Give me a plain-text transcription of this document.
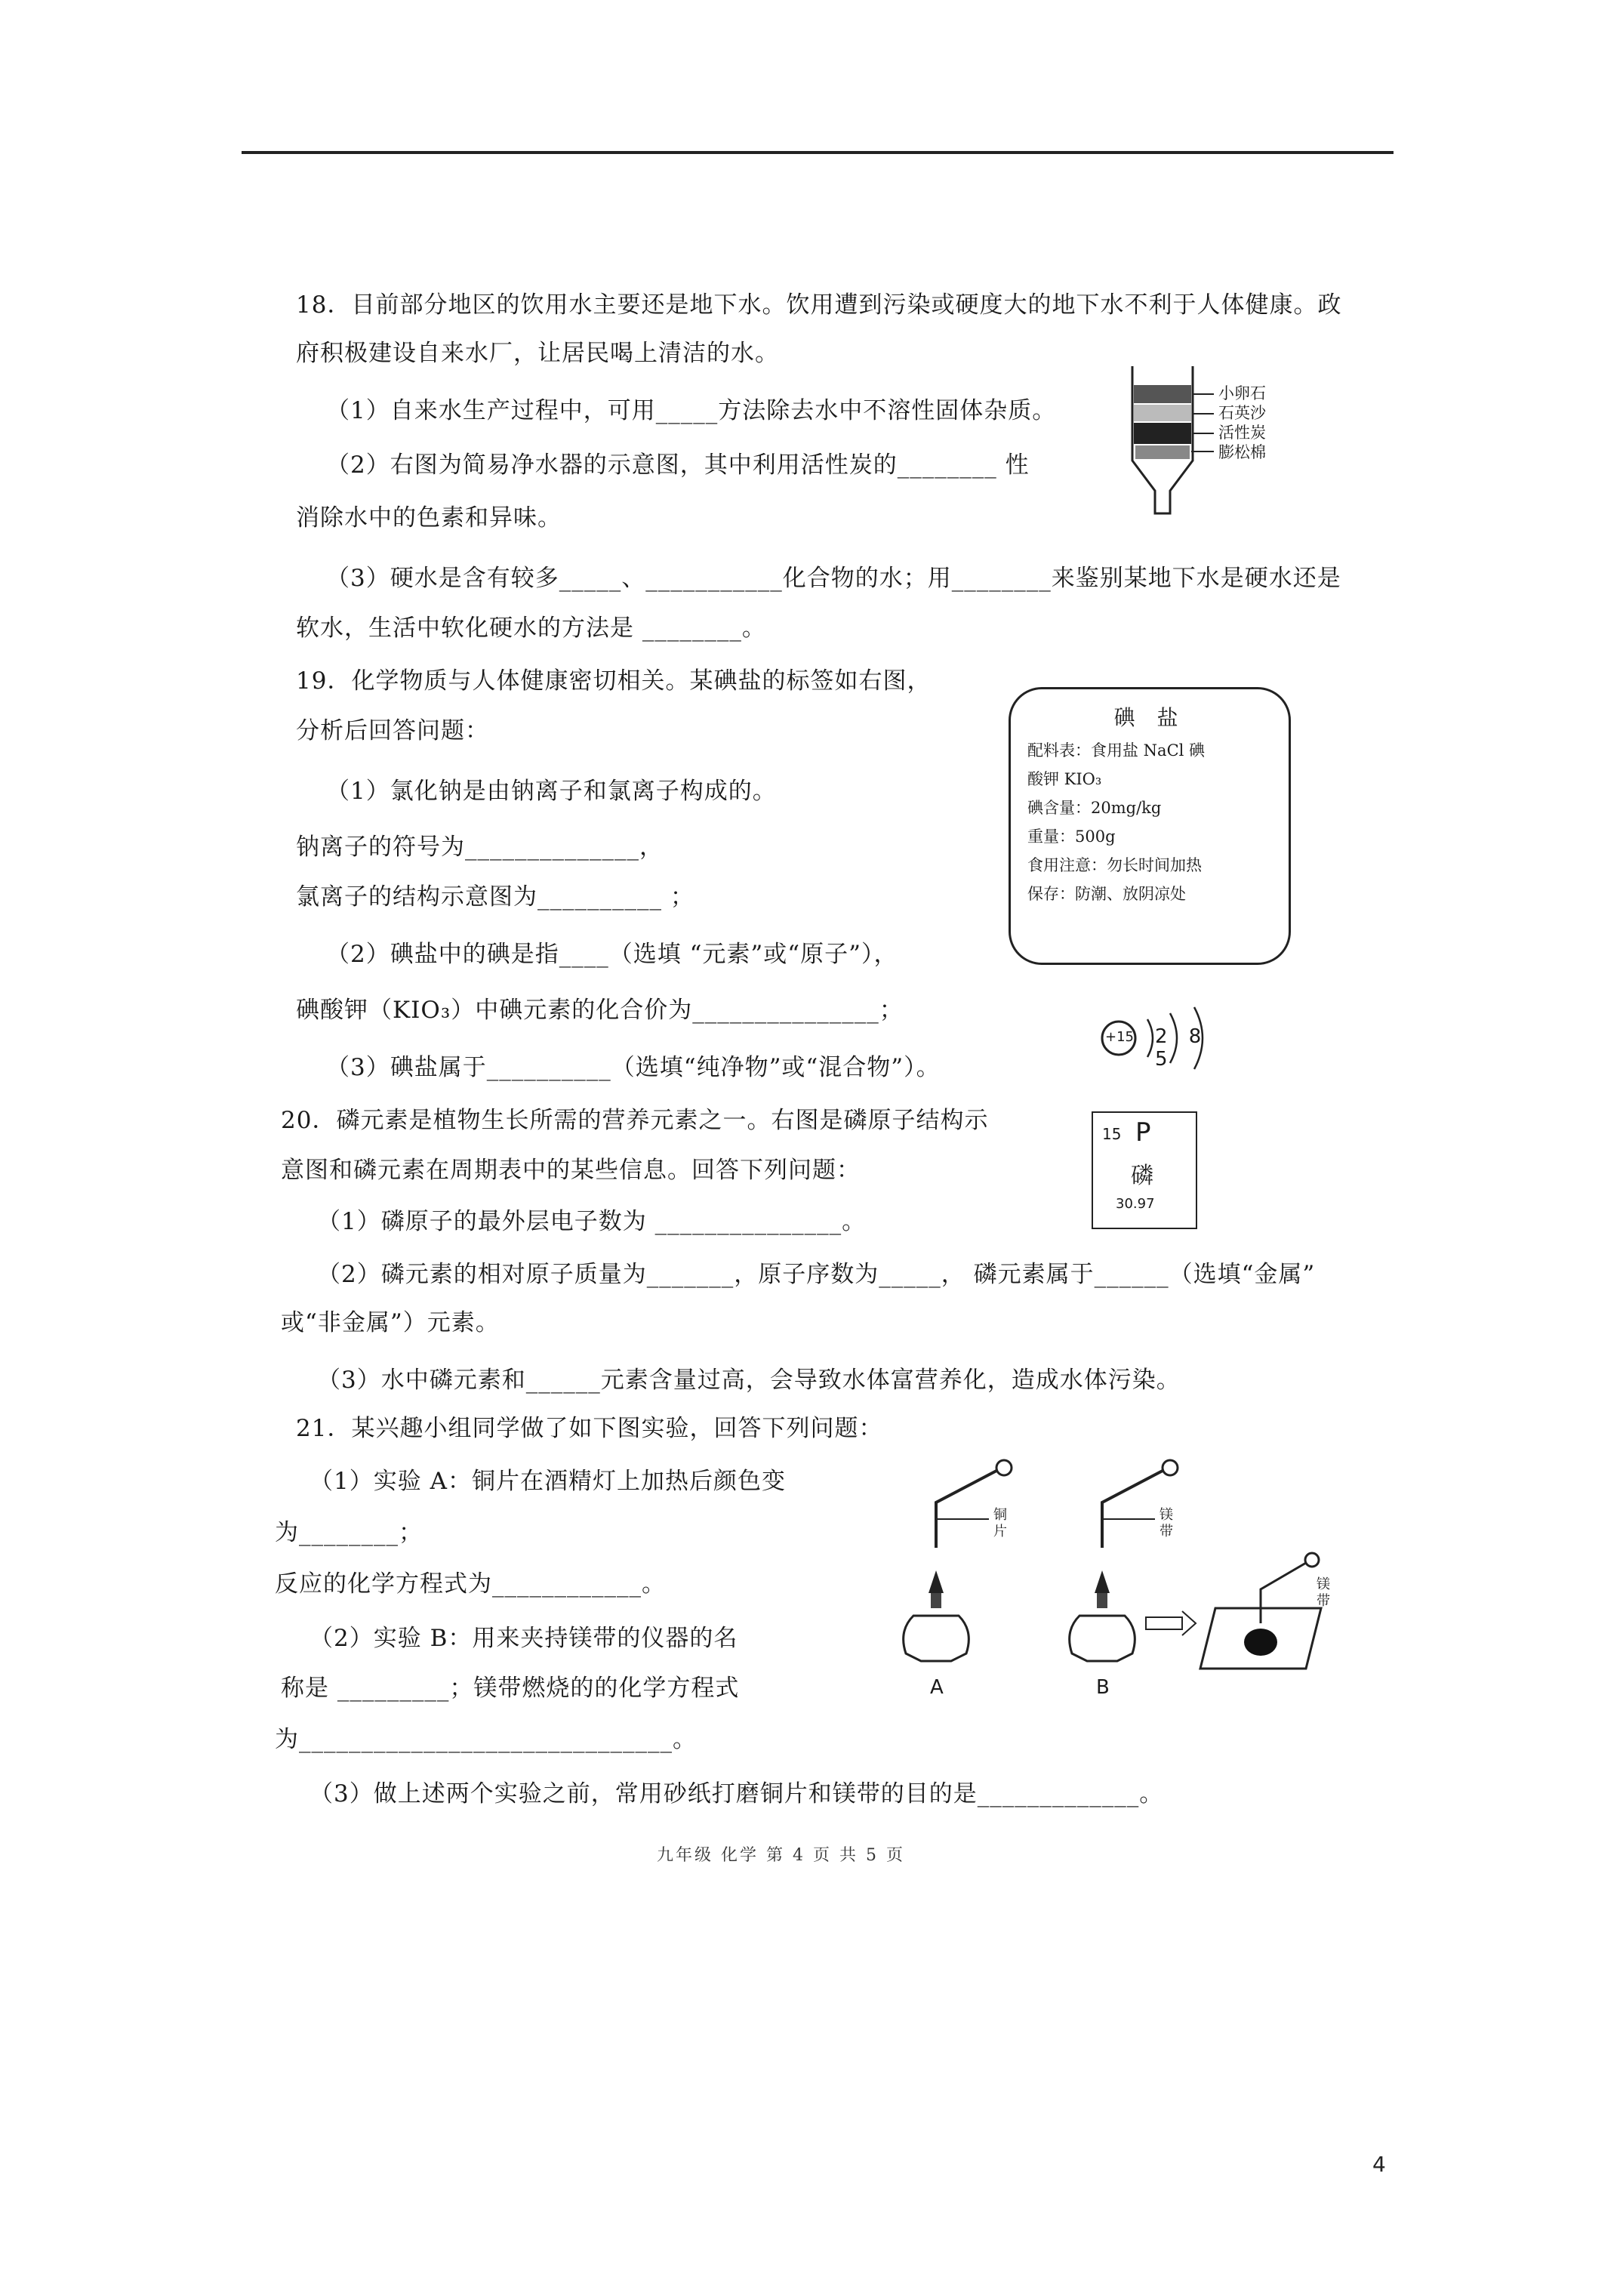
18．目前部分地区的饮用水主要还是地下水。饮用遭到污染或硬度大的地下水不利于人体健康。政
府积极建设自来水厂，让居民喝上清洁的水。
（1）自来水生产过程中，可用_____方法除去水中不溶性固体杂质。
（2）右图为简易净水器的示意图，其中利用活性炭的________ 性
消除水中的色素和异味。
（3）硬水是含有较多_____、___________化合物的水；用________来鉴别某地下水是硬水还是
软水，生活中软化硬水的方法是 ________。
小卵石
石英沙
活性炭
膨松棉
19．化学物质与人体健康密切相关。某碘盐的标签如右图，
分析后回答问题：
（1）氯化钠是由钠离子和氯离子构成的。
钠离子的符号为______________，
氯离子的结构示意图为__________ ；
（2）碘盐中的碘是指____（选填 “元素”或“原子”），
碘酸钾（KIO₃）中碘元素的化合价为_______________；
（3）碘盐属于__________（选填“纯净物”或“混合物”）。
碘 盐
配料表：食用盐 NaCl 碘
酸钾 KIO₃
碘含量：20mg/kg
重量：500g
食用注意：勿长时间加热
保存：防潮、放阴凉处
+15 2 8 5
20．磷元素是植物生长所需的营养元素之一。右图是磷原子结构示
意图和磷元素在周期表中的某些信息。回答下列问题：
（1）磷原子的最外层电子数为 _______________。
（2）磷元素的相对原子质量为_______，原子序数为_____， 磷元素属于______（选填“金属”
或“非金属”）元素。
（3）水中磷元素和______元素含量过高，会导致水体富营养化，造成水体污染。
15 P
磷
30.97
21．某兴趣小组同学做了如下图实验，回答下列问题：
（1）实验 A：铜片在酒精灯上加热后颜色变
为________；
反应的化学方程式为____________。
（2）实验 B：用来夹持镁带的仪器的名
称是 _________；镁带燃烧的的化学方程式
为______________________________。
（3）做上述两个实验之前，常用砂纸打磨铜片和镁带的目的是_____________。
A	B
铜片
镁带
镁带
九年级 化学 第 4 页 共 5 页
4
